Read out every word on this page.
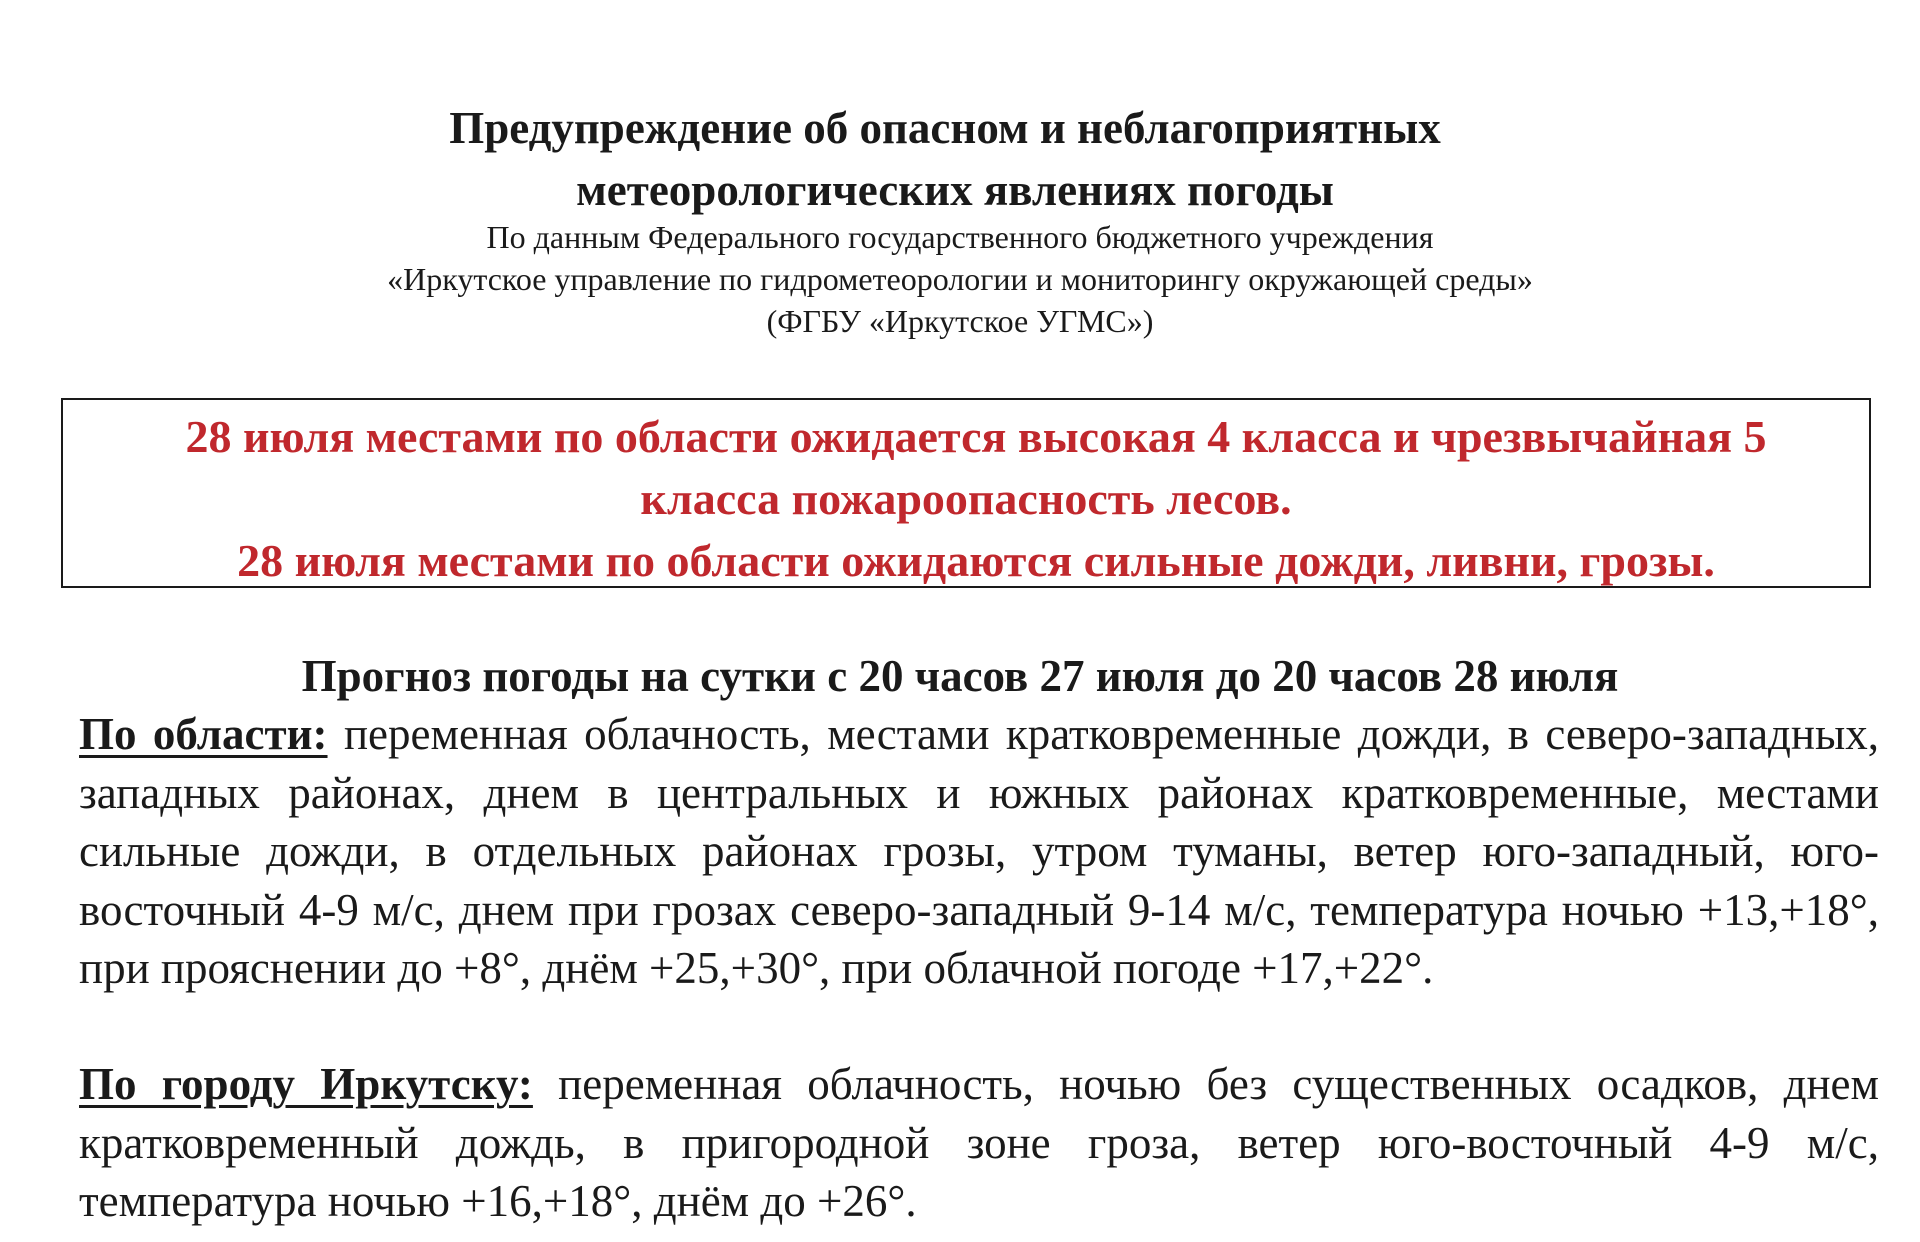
Предупреждение об опасном и неблагоприятных
метеорологических явлениях погоды
По данным Федерального государственного бюджетного учреждения
«Иркутское управление по гидрометеорологии и мониторингу окружающей среды»
(ФГБУ «Иркутское УГМС»)
28 июля местами по области ожидается высокая 4 класса и чрезвычайная 5
класса пожароопасность лесов.
28 июля местами по области ожидаются сильные дожди, ливни, грозы.
Прогноз погоды на сутки с 20 часов 27 июля до 20 часов 28 июля

По области: переменная облачность, местами кратковременные дожди, в северо-западных, западных районах, днем в центральных и южных районах кратковременные, местами сильные дожди, в отдельных районах грозы, утром туманы, ветер юго-западный, юго-восточный 4-9 м/с, днем при грозах северо-западный 9-14 м/с, температура ночью +13,+18°, при прояснении до +8°, днём +25,+30°, при облачной погоде +17,+22°.

По городу Иркутску: переменная облачность, ночью без существенных осадков, днем кратковременный дождь, в пригородной зоне гроза, ветер юго-восточный 4-9 м/с, температура ночью +16,+18°, днём до +26°.
